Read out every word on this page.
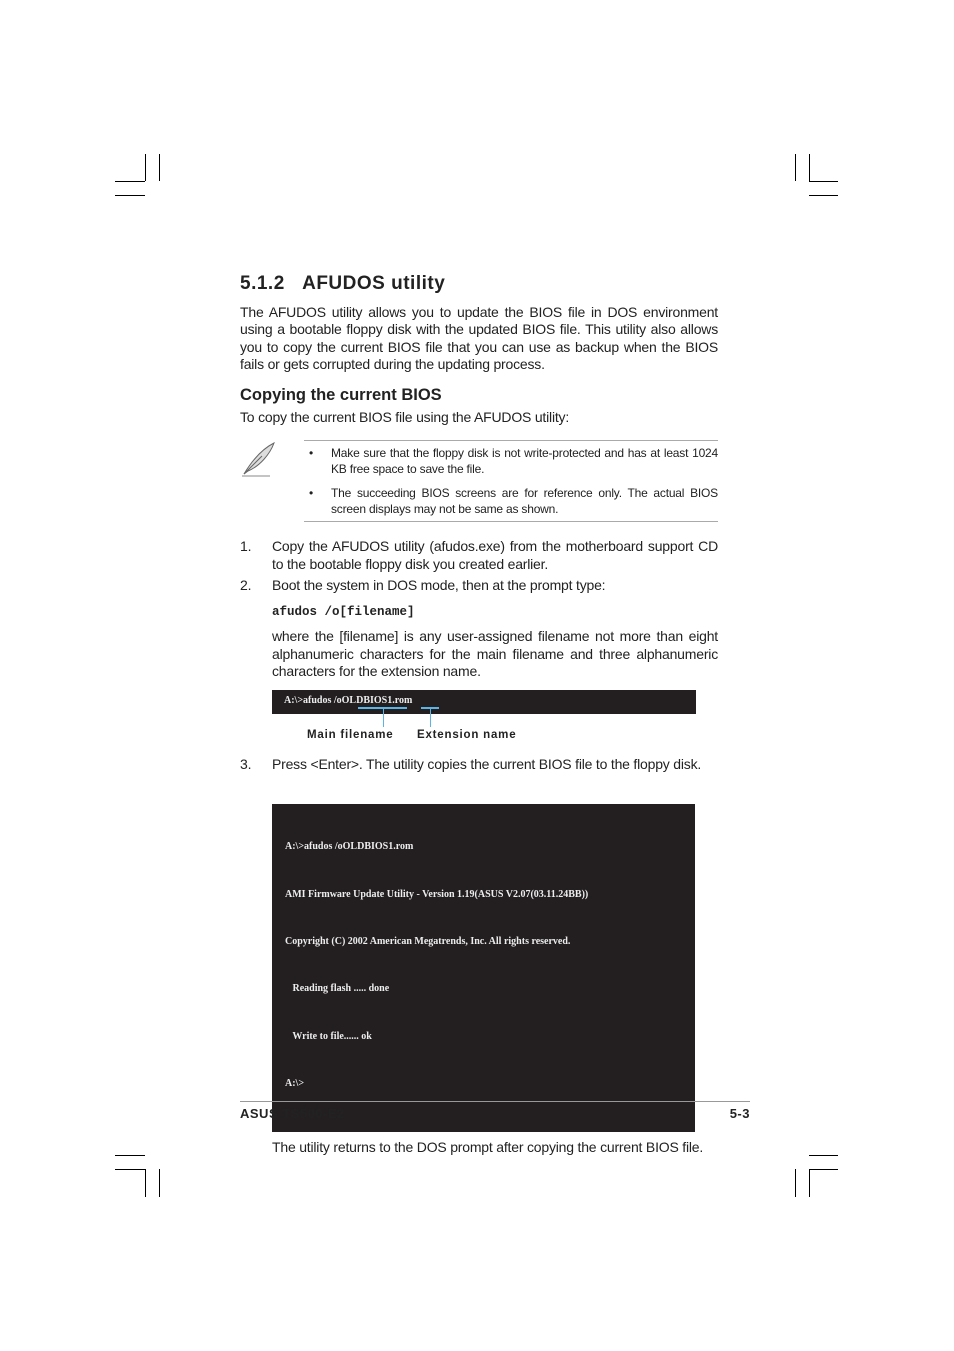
5.1.2 AFUDOS utility
The AFUDOS utility allows you to update the BIOS file in DOS environment using a bootable floppy disk with the updated BIOS file. This utility also allows you to copy the current BIOS file that you can use as backup when the BIOS fails or gets corrupted during the updating process.
Copying the current BIOS
To copy the current BIOS file using the AFUDOS utility:
•	Make sure that the floppy disk is not write-protected and has at least 1024 KB free space to save the file.
•	The succeeding BIOS screens are for reference only. The actual BIOS screen displays may not be same as shown.
1.	Copy the AFUDOS utility (afudos.exe) from the motherboard support CD to the bootable floppy disk you created earlier.
2.	Boot the system in DOS mode, then at the prompt type:
afudos /o[filename]
where the [filename] is any user-assigned filename not more than eight alphanumeric characters for the main filename and three alphanumeric characters for the extension name.
A:\>afudos /oOLDBIOS1.rom
Main filename Extension name
3.	Press <Enter>. The utility copies the current BIOS file to the floppy disk.

A:\>afudos /oOLDBIOS1.rom

AMI Firmware Update Utility - Version 1.19(ASUS V2.07(03.11.24BB))

Copyright (C) 2002 American Megatrends, Inc. All rights reserved.

Reading flash ..... done

Write to file...... ok

A:\>

The utility returns to the DOS prompt after copying the current BIOS file.
ASUS TS500-E2	5-3
